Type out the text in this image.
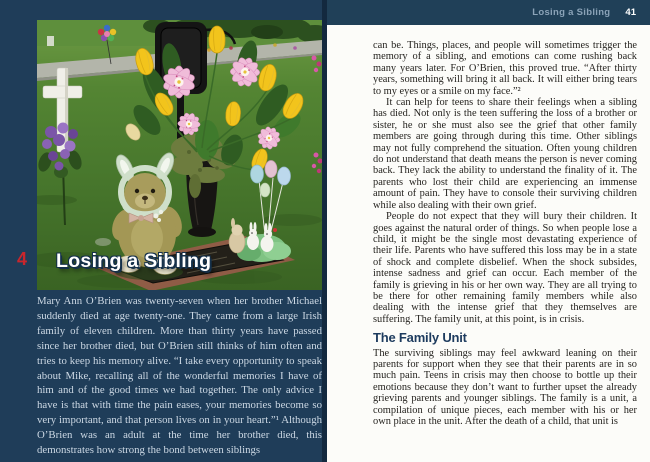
4 Losing a Sibling

Mary Ann O’Brien was twenty-seven when her brother Michael suddenly died at age twenty-one. They came from a large Irish family of eleven children. More than thirty years have passed since her brother died, but O’Brien still thinks of him often and tries to keep his memory alive. “I take every opportunity to speak about Mike, recalling all of the wonderful memories I have of him and of the good times we had together. The only advice I have is that with time the pain eases, your memories become so very important, and that person lives on in your heart.”¹ Although O’Brien was an adult at the time her brother died, this demonstrates how strong the bond between siblings

Losing a Sibling 41

can be. Things, places, and people will sometimes trigger the memory of a sibling, and emotions can come rushing back many years later. For O’Brien, this proved true. “After thirty years, something will bring it all back. It will either bring tears to my eyes or a smile on my face.”²

It can help for teens to share their feelings when a sibling has died. Not only is the teen suffering the loss of a brother or sister, he or she must also see the grief that other family members are going through during this time. Other siblings may not fully comprehend the situation. Often young children do not understand that death means the person is never coming back. They lack the ability to understand the finality of it. The parents who lost their child are experiencing an immense amount of pain. They have to console their surviving children while also dealing with their own grief.

People do not expect that they will bury their children. It goes against the natural order of things. So when people lose a child, it might be the single most devastating experience of their life. Parents who have suffered this loss may be in a state of shock and complete disbelief. When the shock subsides, intense sadness and grief can occur. Each member of the family is grieving in his or her own way. They are all trying to be there for other remaining family members while also dealing with the intense grief that they themselves are suffering. The family unit, at this point, is in crisis.

The Family Unit

The surviving siblings may feel awkward leaning on their parents for support when they see that their parents are in so much pain. Teens in crisis may then choose to bottle up their emotions because they don’t want to further upset the already grieving parents and younger siblings. The family is a unit, a compilation of unique pieces, each member with his or her own place in the unit. After the death of a child, that unit is
